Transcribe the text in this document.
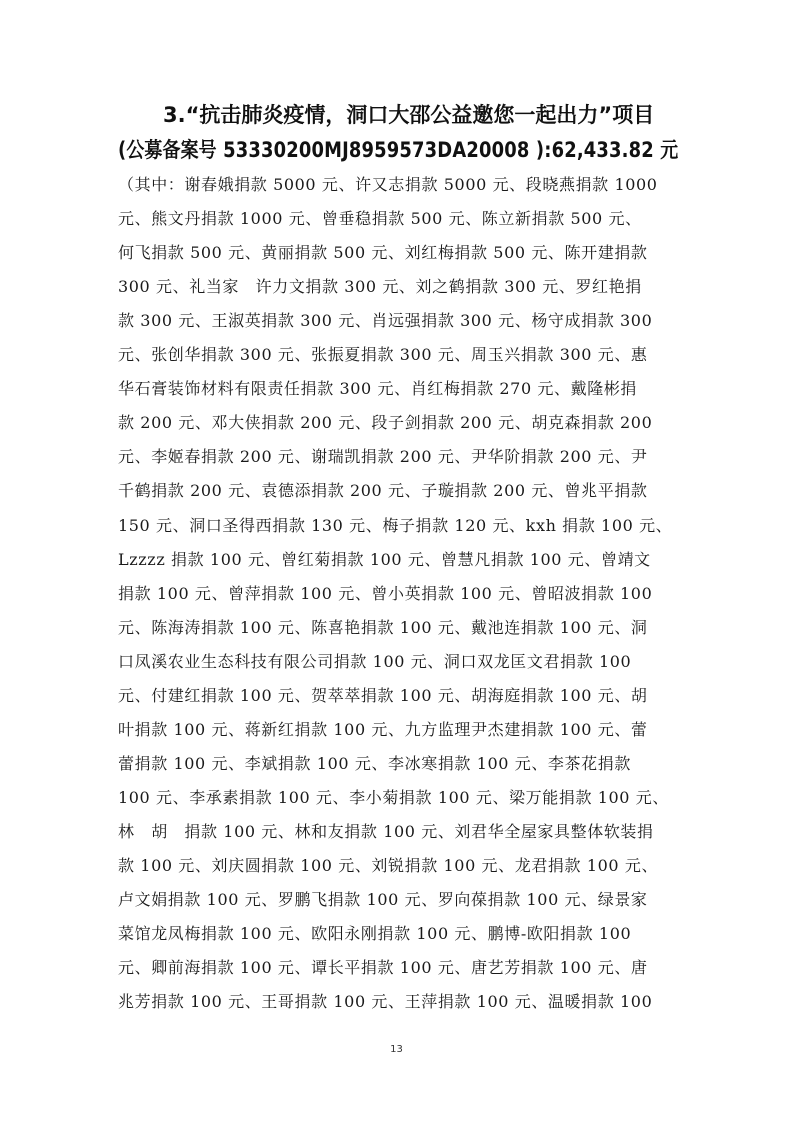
3.“抗击肺炎疫情，洞口大邵公益邀您一起出力”项目
(公募备案号 53330200MJ8959573DA20008 ):62,433.82 元
（其中：谢春娥捐款 5000 元、许又志捐款 5000 元、段晓燕捐款 1000
元、熊文丹捐款 1000 元、曾垂稳捐款 500 元、陈立新捐款 500 元、
何飞捐款 500 元、黄丽捐款 500 元、刘红梅捐款 500 元、陈开建捐款
300 元、礼当家　许力文捐款 300 元、刘之鹤捐款 300 元、罗红艳捐
款 300 元、王淑英捐款 300 元、肖远强捐款 300 元、杨守成捐款 300
元、张创华捐款 300 元、张振夏捐款 300 元、周玉兴捐款 300 元、惠
华石膏装饰材料有限责任捐款 300 元、肖红梅捐款 270 元、戴隆彬捐
款 200 元、邓大侠捐款 200 元、段子剑捐款 200 元、胡克森捐款 200
元、李姬春捐款 200 元、谢瑞凯捐款 200 元、尹华阶捐款 200 元、尹
千鹤捐款 200 元、袁德添捐款 200 元、子璇捐款 200 元、曾兆平捐款
150 元、洞口圣得西捐款 130 元、梅子捐款 120 元、kxh 捐款 100 元、
Lzzzz 捐款 100 元、曾红菊捐款 100 元、曾慧凡捐款 100 元、曾靖文
捐款 100 元、曾萍捐款 100 元、曾小英捐款 100 元、曾昭波捐款 100
元、陈海涛捐款 100 元、陈喜艳捐款 100 元、戴池连捐款 100 元、洞
口凤溪农业生态科技有限公司捐款 100 元、洞口双龙匡文君捐款 100
元、付建红捐款 100 元、贺萃萃捐款 100 元、胡海庭捐款 100 元、胡
叶捐款 100 元、蒋新红捐款 100 元、九方监理尹杰建捐款 100 元、蕾
蕾捐款 100 元、李斌捐款 100 元、李冰寒捐款 100 元、李茶花捐款
100 元、李承素捐款 100 元、李小菊捐款 100 元、梁万能捐款 100 元、
林　胡　捐款 100 元、林和友捐款 100 元、刘君华全屋家具整体软装捐
款 100 元、刘庆圆捐款 100 元、刘锐捐款 100 元、龙君捐款 100 元、
卢文娟捐款 100 元、罗鹏飞捐款 100 元、罗向葆捐款 100 元、绿景家
菜馆龙凤梅捐款 100 元、欧阳永刚捐款 100 元、鹏博-欧阳捐款 100
元、卿前海捐款 100 元、谭长平捐款 100 元、唐艺芳捐款 100 元、唐
兆芳捐款 100 元、王哥捐款 100 元、王萍捐款 100 元、温暖捐款 100
13
